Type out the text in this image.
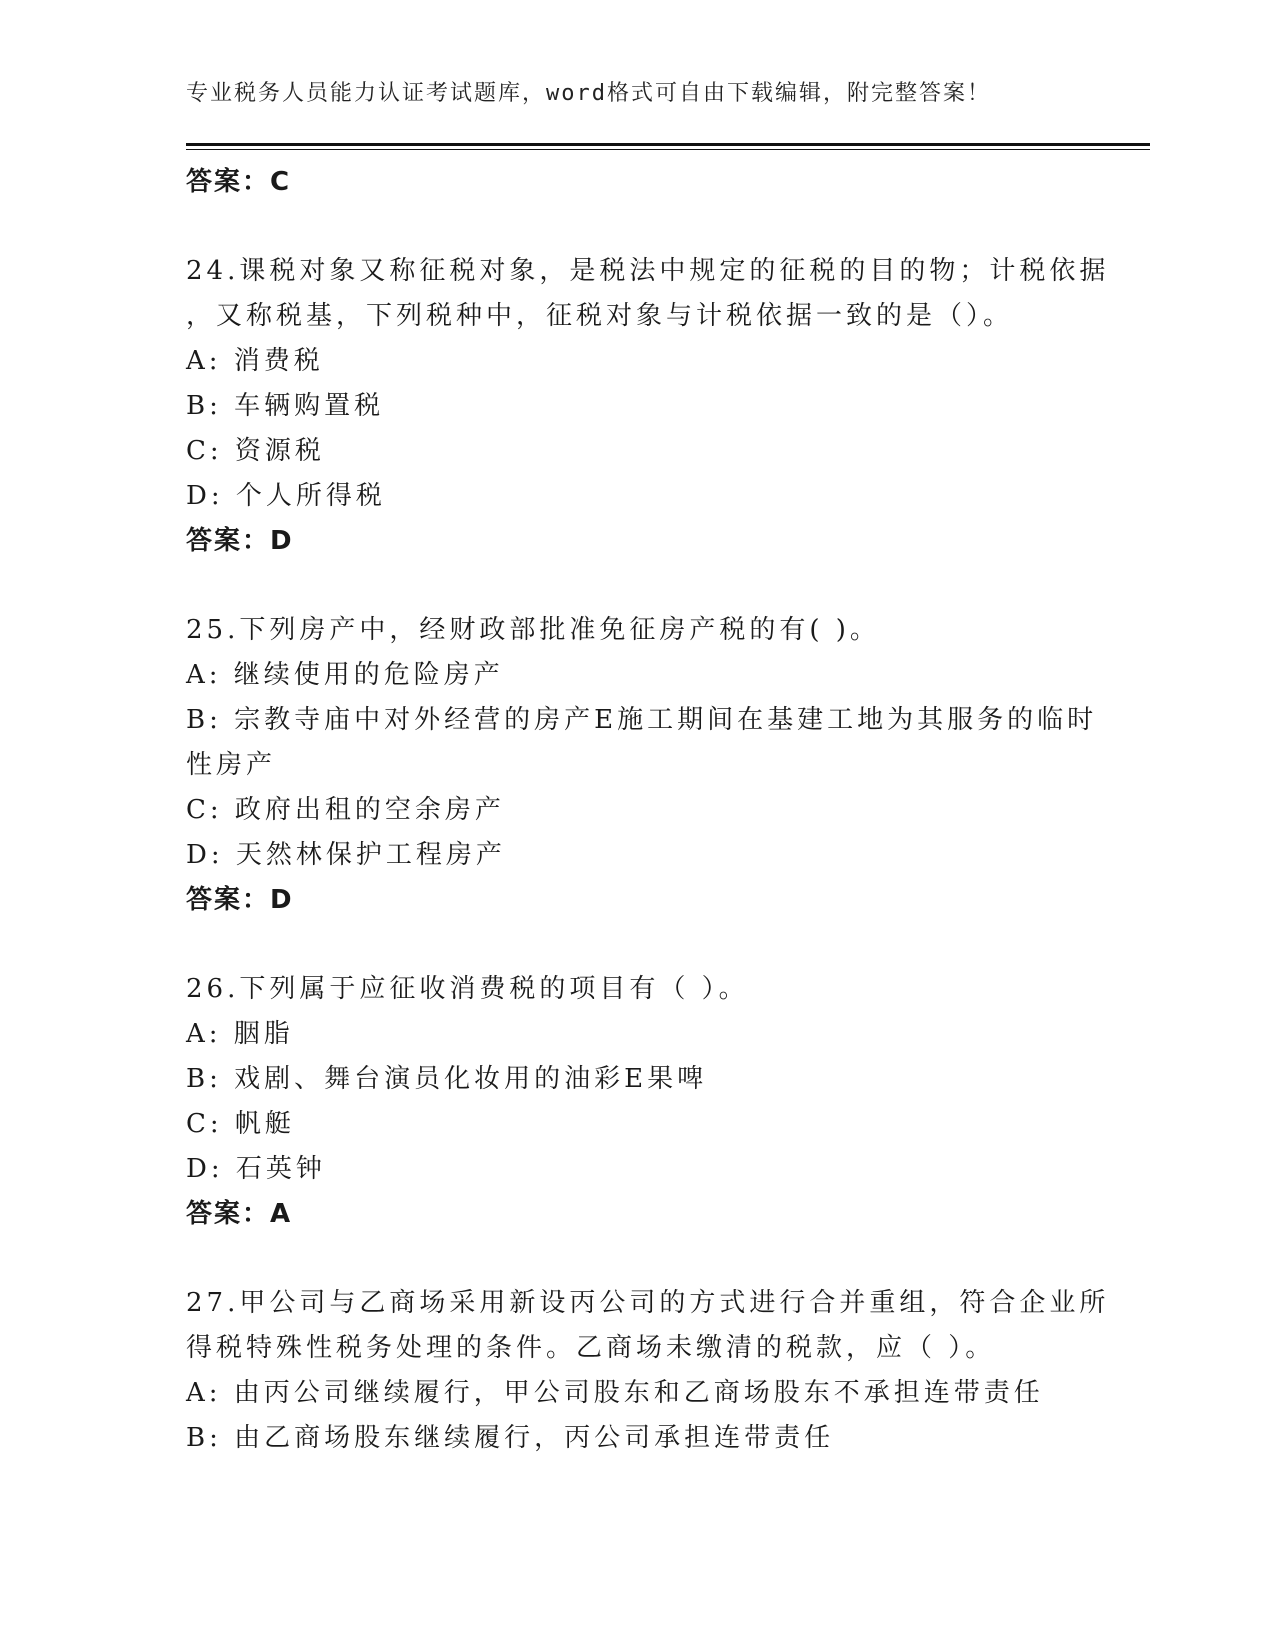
专业税务人员能力认证考试题库，word格式可自由下载编辑，附完整答案！

答案：C

24.课税对象又称征税对象，是税法中规定的征税的目的物；计税依据

，又称税基，下列税种中，征税对象与计税依据一致的是（）。

A: 消费税

B: 车辆购置税

C: 资源税

D: 个人所得税

答案：D

25.下列房产中，经财政部批准免征房产税的有( )。

A: 继续使用的危险房产

B: 宗教寺庙中对外经营的房产E施工期间在基建工地为其服务的临时

性房产

C: 政府出租的空余房产

D: 天然林保护工程房产

答案：D

26.下列属于应征收消费税的项目有（ ）。

A: 胭脂

B: 戏剧、舞台演员化妆用的油彩E果啤

C: 帆艇

D: 石英钟

答案：A

27.甲公司与乙商场采用新设丙公司的方式进行合并重组，符合企业所

得税特殊性税务处理的条件。乙商场未缴清的税款，应（ ）。

A: 由丙公司继续履行，甲公司股东和乙商场股东不承担连带责任

B: 由乙商场股东继续履行，丙公司承担连带责任
